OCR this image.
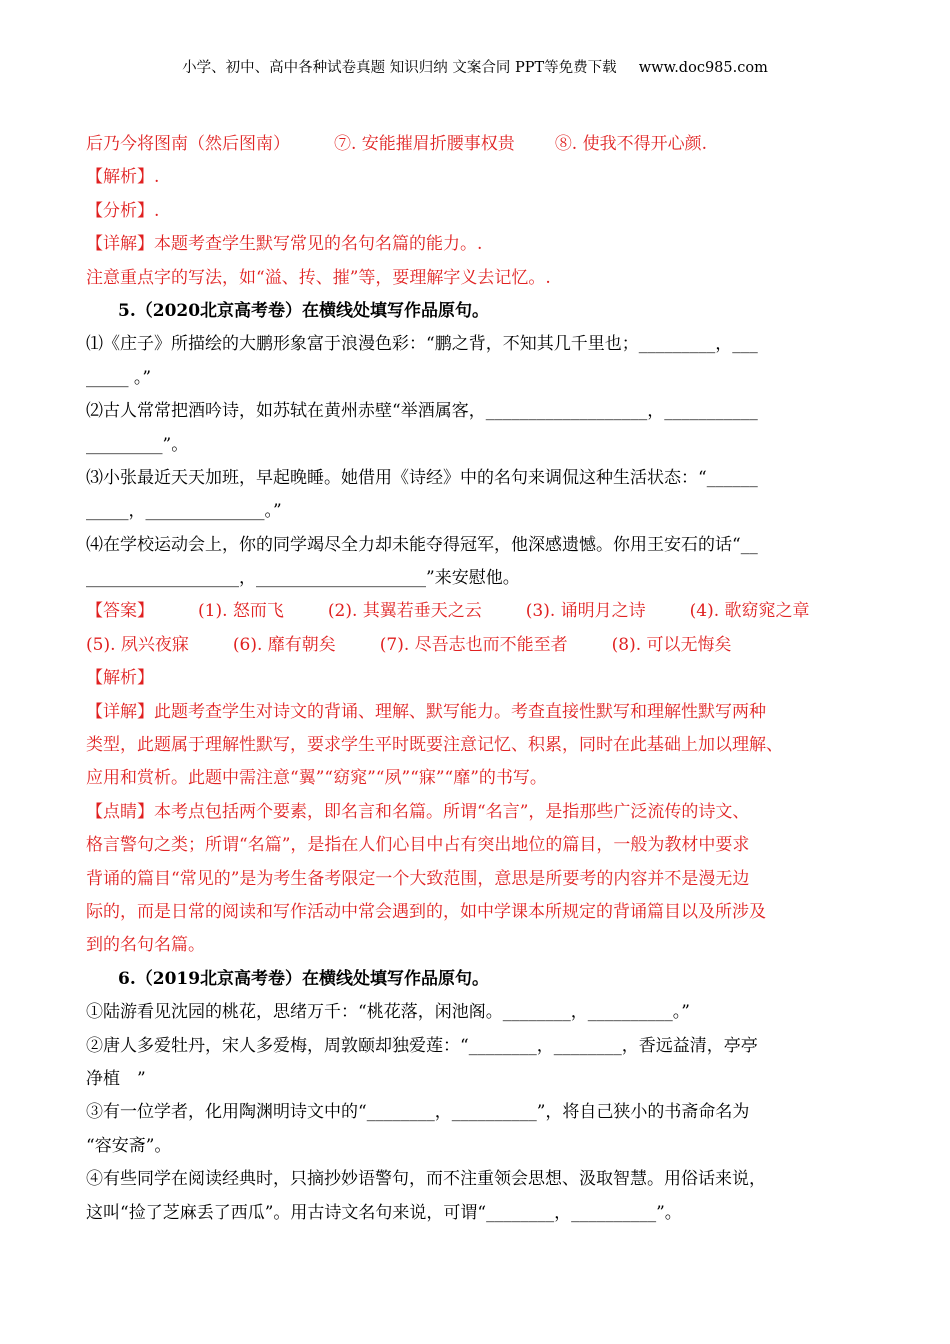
小学、初中、高中各种试卷真题 知识归纳 文案合同 PPT等免费下载 www.doc985.com
后乃今将图南（然后图南）	⑦. 安能摧眉折腰事权贵 ⑧. 使我不得开心颜.
【解析】.
【分析】.
【详解】本题考查学生默写常见的名句名篇的能力。.
注意重点字的写法，如“溢、抟、摧”等，要理解字义去记忆。.
5.（2020北京高考卷）在横线处填写作品原句。
⑴《庄子》所描绘的大鹏形象富于浪漫色彩：“鹏之背，不知其几千里也；_________，___
_____ 。”
⑵古人常常把酒吟诗，如苏轼在黄州赤壁“举酒属客，___________________，___________
_________”。
⑶小张最近天天加班，早起晚睡。她借用《诗经》中的名句来调侃这种生活状态：“______
_____，______________。”
⑷在学校运动会上，你的同学竭尽全力却未能夺得冠军，他深感遗憾。你用王安石的话“__
__________________，____________________”来安慰他。
【答案】	(1). 怒而飞	(2). 其翼若垂天之云	(3). 诵明月之诗	(4). 歌窈窕之章
(5). 夙兴夜寐	(6). 靡有朝矣	(7). 尽吾志也而不能至者	(8). 可以无悔矣
【解析】
【详解】此题考查学生对诗文的背诵、理解、默写能力。考查直接性默写和理解性默写两种
类型，此题属于理解性默写，要求学生平时既要注意记忆、积累，同时在此基础上加以理解、
应用和赏析。此题中需注意“翼”“窈窕”“夙”“寐”“靡”的书写。
【点睛】本考点包括两个要素，即名言和名篇。所谓“名言”，是指那些广泛流传的诗文、
格言警句之类；所谓“名篇”，是指在人们心目中占有突出地位的篇目，一般为教材中要求
背诵的篇目“常见的”是为考生备考限定一个大致范围，意思是所要考的内容并不是漫无边
际的，而是日常的阅读和写作活动中常会遇到的，如中学课本所规定的背诵篇目以及所涉及
到的名句名篇。
6.（2019北京高考卷）在横线处填写作品原句。
①陆游看见沈园的桃花，思绪万千：“桃花落，闲池阁。________，__________。”
②唐人多爱牡丹，宋人多爱梅，周敦颐却独爱莲：“________，________，香远益清，亭亭
净植　”
③有一位学者，化用陶渊明诗文中的“________，__________”，将自己狭小的书斋命名为
“容安斋”。
④有些同学在阅读经典时，只摘抄妙语警句，而不注重领会思想、汲取智慧。用俗话来说，
这叫“捡了芝麻丢了西瓜”。用古诗文名句来说，可谓“________，__________”。
